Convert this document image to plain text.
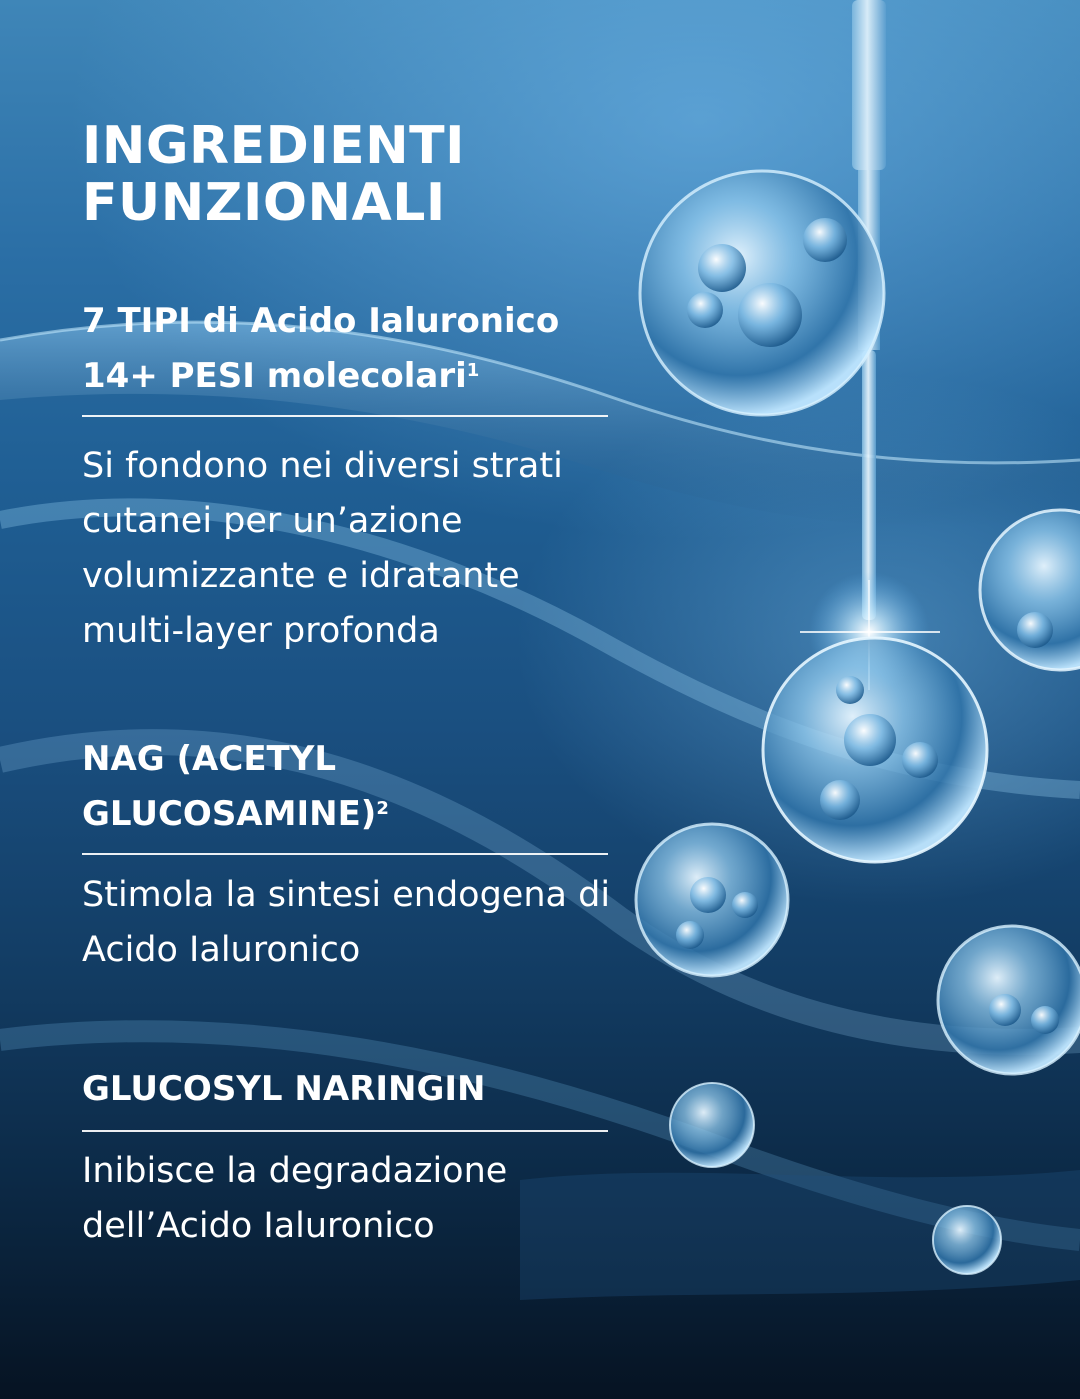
INGREDIENTI
FUNZIONALI
7 TIPI di Acido Ialuronico
14+ PESI molecolari$^1$

Si fondono nei diversi strati
cutanei per un’azione
volumizzante e idratante
multi-layer profonda

NAG (ACETYL
GLUCOSAMINE)$^2$

Stimola la sintesi endogena di
Acido Ialuronico

GLUCOSYL NARINGIN

Inibisce la degradazione
dell’Acido Ialuronico
